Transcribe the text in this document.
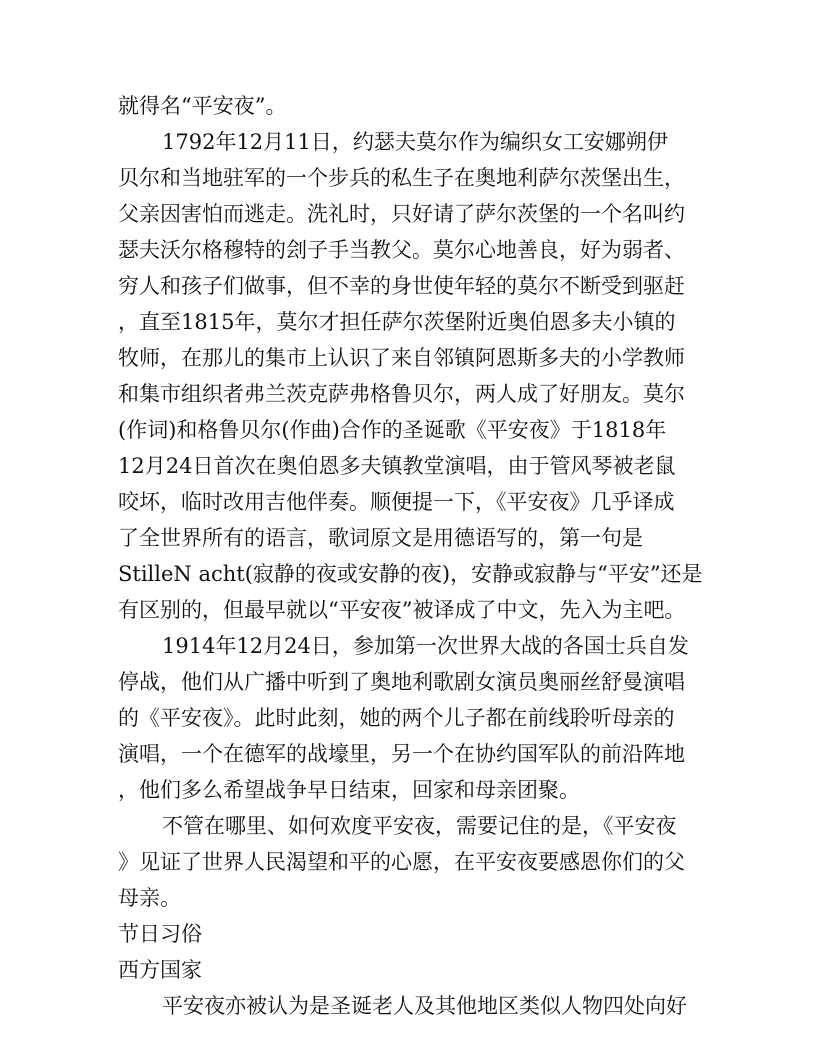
就得名“平安夜”。
1792年12月11日，约瑟夫莫尔作为编织女工安娜朔伊
贝尔和当地驻军的一个步兵的私生子在奥地利萨尔茨堡出生，
父亲因害怕而逃走。洗礼时，只好请了萨尔茨堡的一个名叫约
瑟夫沃尔格穆特的刽子手当教父。莫尔心地善良，好为弱者、
穷人和孩子们做事，但不幸的身世使年轻的莫尔不断受到驱赶
，直至1815年，莫尔才担任萨尔茨堡附近奥伯恩多夫小镇的
牧师，在那儿的集市上认识了来自邻镇阿恩斯多夫的小学教师
和集市组织者弗兰茨克萨弗格鲁贝尔，两人成了好朋友。莫尔
(作词)和格鲁贝尔(作曲)合作的圣诞歌《平安夜》于1818年
12月24日首次在奥伯恩多夫镇教堂演唱，由于管风琴被老鼠
咬坏，临时改用吉他伴奏。顺便提一下，《平安夜》几乎译成
了全世界所有的语言，歌词原文是用德语写的，第一句是
StilleN acht(寂静的夜或安静的夜)，安静或寂静与“平安”还是
有区别的，但最早就以“平安夜”被译成了中文，先入为主吧。
1914年12月24日，参加第一次世界大战的各国士兵自发
停战，他们从广播中听到了奥地利歌剧女演员奥丽丝舒曼演唱
的《平安夜》。此时此刻，她的两个儿子都在前线聆听母亲的
演唱，一个在德军的战壕里，另一个在协约国军队的前沿阵地
，他们多么希望战争早日结束，回家和母亲团聚。
不管在哪里、如何欢度平安夜，需要记住的是，《平安夜
》见证了世界人民渴望和平的心愿，在平安夜要感恩你们的父
母亲。
节日习俗
西方国家
平安夜亦被认为是圣诞老人及其他地区类似人物四处向好
